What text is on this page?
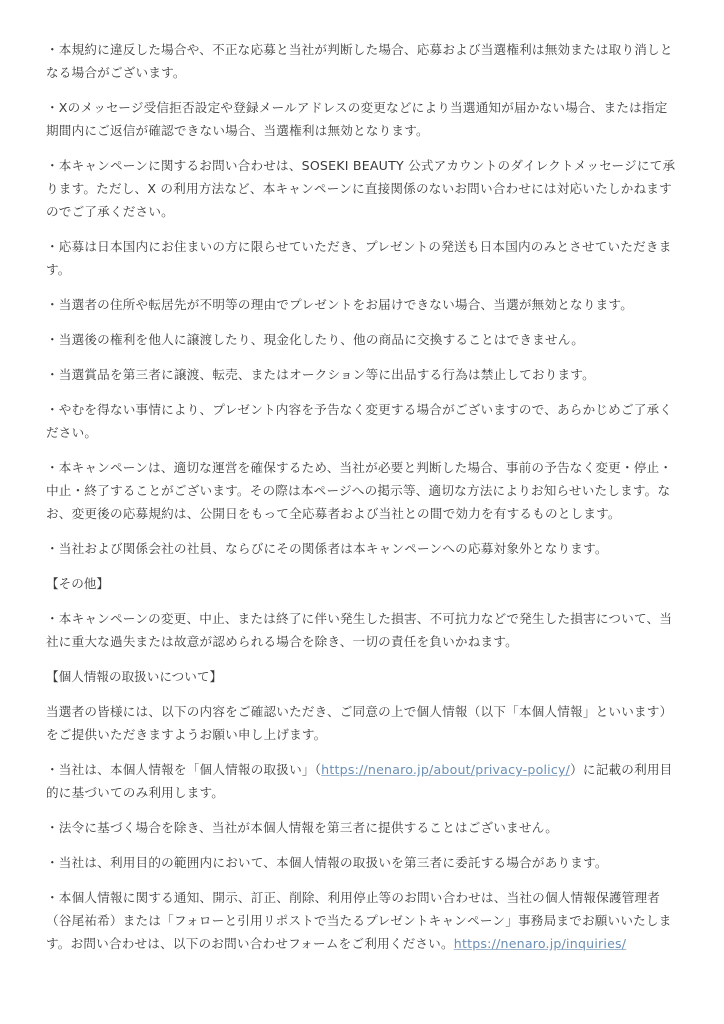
・本規約に違反した場合や、不正な応募と当社が判断した場合、応募および当選権利は無効または取り消しとなる場合がございます。

・Xのメッセージ受信拒否設定や登録メールアドレスの変更などにより当選通知が届かない場合、または指定期間内にご返信が確認できない場合、当選権利は無効となります。

・本キャンペーンに関するお問い合わせは、SOSEKI BEAUTY 公式アカウントのダイレクトメッセージにて承ります。ただし、X の利用方法など、本キャンペーンに直接関係のないお問い合わせには対応いたしかねますのでご了承ください。

・応募は日本国内にお住まいの方に限らせていただき、プレゼントの発送も日本国内のみとさせていただきます。

・当選者の住所や転居先が不明等の理由でプレゼントをお届けできない場合、当選が無効となります。

・当選後の権利を他人に譲渡したり、現金化したり、他の商品に交換することはできません。

・当選賞品を第三者に譲渡、転売、またはオークション等に出品する行為は禁止しております。

・やむを得ない事情により、プレゼント内容を予告なく変更する場合がございますので、あらかじめご了承ください。

・本キャンペーンは、適切な運営を確保するため、当社が必要と判断した場合、事前の予告なく変更・停止・中止・終了することがございます。その際は本ページへの掲示等、適切な方法によりお知らせいたします。なお、変更後の応募規約は、公開日をもって全応募者および当社との間で効力を有するものとします。

・当社および関係会社の社員、ならびにその関係者は本キャンペーンへの応募対象外となります。

【その他】

・本キャンペーンの変更、中止、または終了に伴い発生した損害、不可抗力などで発生した損害について、当社に重大な過失または故意が認められる場合を除き、一切の責任を負いかねます。

【個人情報の取扱いについて】

当選者の皆様には、以下の内容をご確認いただき、ご同意の上で個人情報（以下「本個人情報」といいます）をご提供いただきますようお願い申し上げます。

・当社は、本個人情報を「個人情報の取扱い」（https://nenaro.jp/about/privacy-policy/）に記載の利用目的に基づいてのみ利用します。

・法令に基づく場合を除き、当社が本個人情報を第三者に提供することはございません。

・当社は、利用目的の範囲内において、本個人情報の取扱いを第三者に委託する場合があります。

・本個人情報に関する通知、開示、訂正、削除、利用停止等のお問い合わせは、当社の個人情報保護管理者（谷尾祐希）または「フォローと引用リポストで当たるプレゼントキャンペーン」事務局までお願いいたします。お問い合わせは、以下のお問い合わせフォームをご利用ください。https://nenaro.jp/inquiries/
